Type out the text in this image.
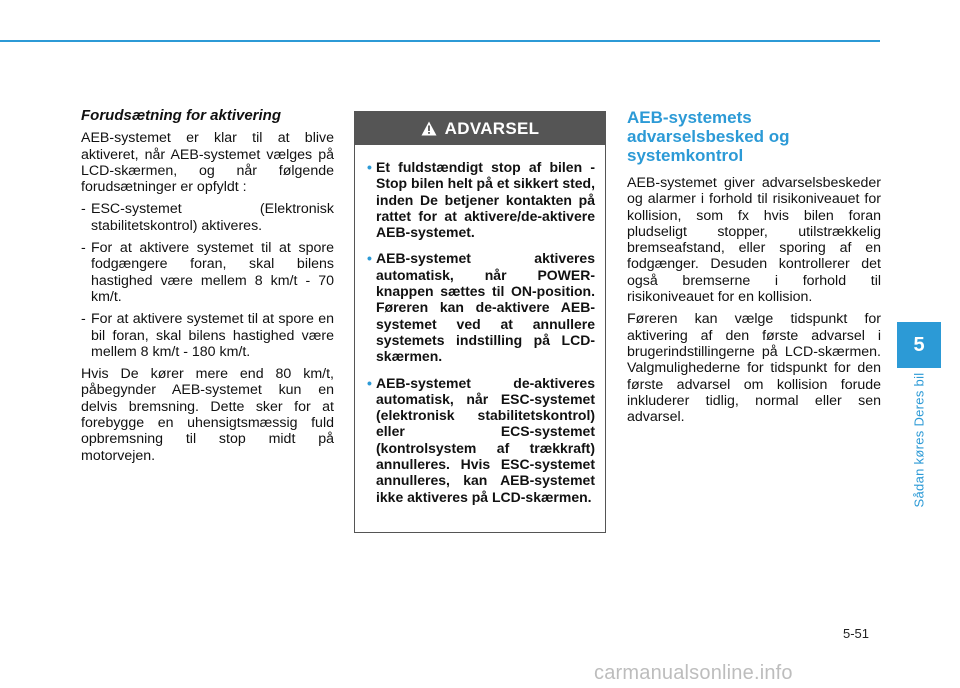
Forudsætning for aktivering

AEB-systemet er klar til at blive aktiveret, når AEB-systemet vælges på LCD-skærmen, og når følgende forudsætninger er opfyldt :

- ESC-systemet (Elektronisk stabilitetskontrol) aktiveres.
- For at aktivere systemet til at spore fodgængere foran, skal bilens hastighed være mellem 8 km/t - 70 km/t.
- For at aktivere systemet til at spore en bil foran, skal bilens hastighed være mellem 8 km/t - 180 km/t.

Hvis De kører mere end 80 km/t, påbegynder AEB-systemet kun en delvis bremsning. Dette sker for at forebygge en uhensigtsmæssig fuld opbremsning til stop midt på motorvejen.

ADVARSEL
• Et fuldstændigt stop af bilen - Stop bilen helt på et sikkert sted, inden De betjener kontakten på rattet for at aktivere/de-aktivere AEB-systemet.
• AEB-systemet aktiveres automatisk, når POWER-knappen sættes til ON-position. Føreren kan de-aktivere AEB-systemet ved at annullere systemets indstilling på LCD-skærmen.
• AEB-systemet de-aktiveres automatisk, når ESC-systemet (elektronisk stabilitetskontrol) eller ECS-systemet (kontrolsystem af trækkraft) annulleres. Hvis ESC-systemet annulleres, kan AEB-systemet ikke aktiveres på LCD-skærmen.
AEB-systemets advarselsbesked og systemkontrol

AEB-systemet giver advarselsbeskeder og alarmer i forhold til risikoniveauet for kollision, som fx hvis bilen foran pludseligt stopper, utilstrækkelig bremseafstand, eller sporing af en fodgænger. Desuden kontrollerer det også bremserne i forhold til risikoniveauet for en kollision.

Føreren kan vælge tidspunkt for aktivering af den første advarsel i brugerindstillingerne på LCD-skærmen. Valgmulighederne for tidspunkt for den første advarsel om kollision forude inkluderer tidlig, normal eller sen advarsel.

5
Sådan køres Deres bil
5-51
carmanualsonline.info
